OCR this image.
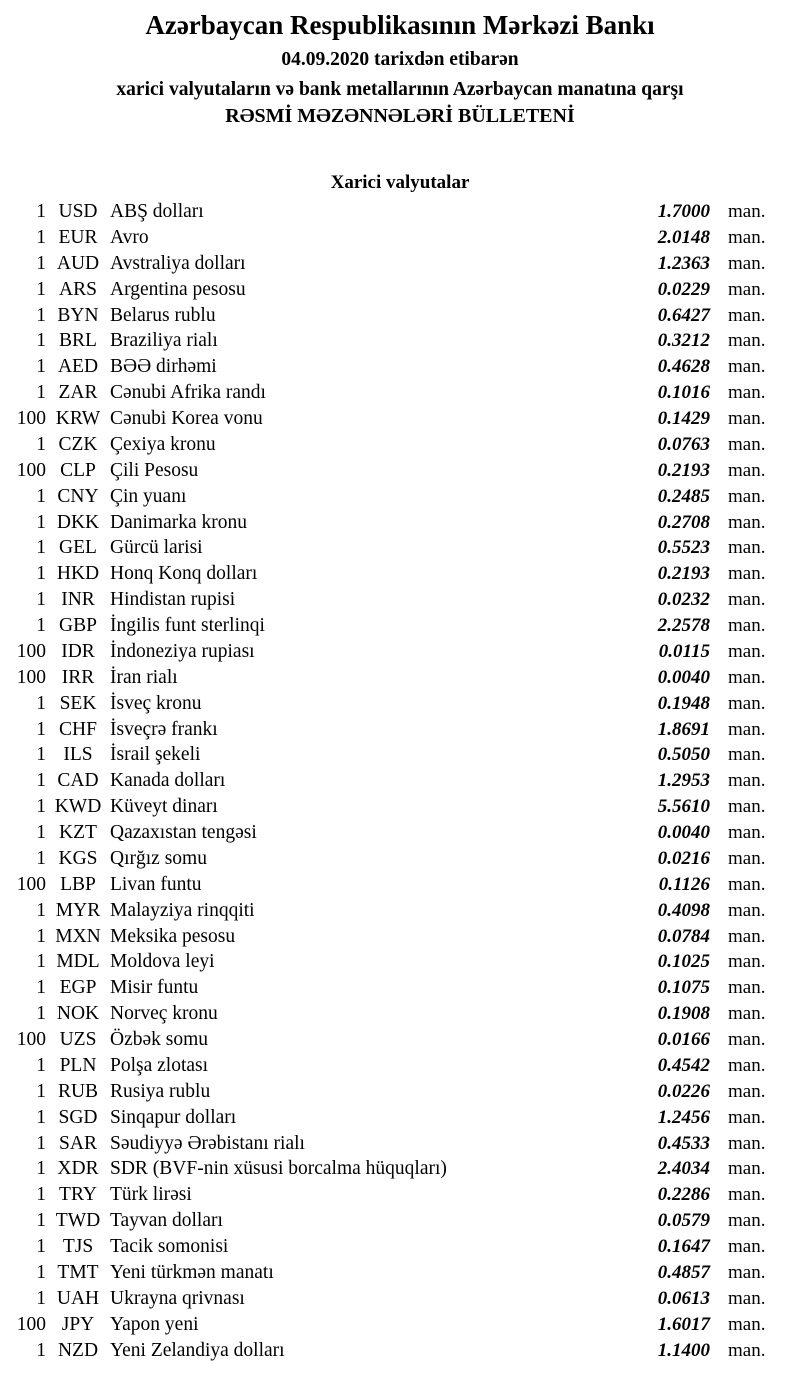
Azərbaycan Respublikasının Mərkəzi Bankı
04.09.2020 tarixdən etibarən
xarici valyutaların və bank metallarının Azərbaycan manatına qarşı
RƏSMİ MƏZƏNNƏLƏRİ BÜLLETENİ
Xarici valyutalar
1 USD ABŞ dolları	1.7000 man.
1 EUR Avro	2.0148 man.
1 AUD Avstraliya dolları	1.2363 man.
1 ARS Argentina pesosu	0.0229 man.
1 BYN Belarus rublu	0.6427 man.
1 BRL Braziliya rialı	0.3212 man.
1 AED BƏƏ dirhəmi	0.4628 man.
1 ZAR Cənubi Afrika randı	0.1016 man.
100 KRW Cənubi Korea vonu	0.1429 man.
1 CZK Çexiya kronu	0.0763 man.
100 CLP Çili Pesosu	0.2193 man.
1 CNY Çin yuanı	0.2485 man.
1 DKK Danimarka kronu	0.2708 man.
1 GEL Gürcü larisi	0.5523 man.
1 HKD Honq Konq dolları	0.2193 man.
1 INR Hindistan rupisi	0.0232 man.
1 GBP İngilis funt sterlinqi	2.2578 man.
100 IDR İndoneziya rupiası	0.0115 man.
100 IRR İran rialı	0.0040 man.
1 SEK İsveç kronu	0.1948 man.
1 CHF İsveçrə frankı	1.8691 man.
1 ILS İsrail şekeli	0.5050 man.
1 CAD Kanada dolları	1.2953 man.
1 KWD Küveyt dinarı	5.5610 man.
1 KZT Qazaxıstan tengəsi	0.0040 man.
1 KGS Qırğız somu	0.0216 man.
100 LBP Livan funtu	0.1126 man.
1 MYR Malayziya rinqqiti	0.4098 man.
1 MXN Meksika pesosu	0.0784 man.
1 MDL Moldova leyi	0.1025 man.
1 EGP Misir funtu	0.1075 man.
1 NOK Norveç kronu	0.1908 man.
100 UZS Özbək somu	0.0166 man.
1 PLN Polşa zlotası	0.4542 man.
1 RUB Rusiya rublu	0.0226 man.
1 SGD Sinqapur dolları	1.2456 man.
1 SAR Səudiyyə Ərəbistanı rialı	0.4533 man.
1 XDR SDR (BVF-nin xüsusi borcalma hüquqları)	2.4034 man.
1 TRY Türk lirəsi	0.2286 man.
1 TWD Tayvan dolları	0.0579 man.
1 TJS Tacik somonisi	0.1647 man.
1 TMT Yeni türkmən manatı	0.4857 man.
1 UAH Ukrayna qrivnası	0.0613 man.
100 JPY Yapon yeni	1.6017 man.
1 NZD Yeni Zelandiya dolları	1.1400 man.
